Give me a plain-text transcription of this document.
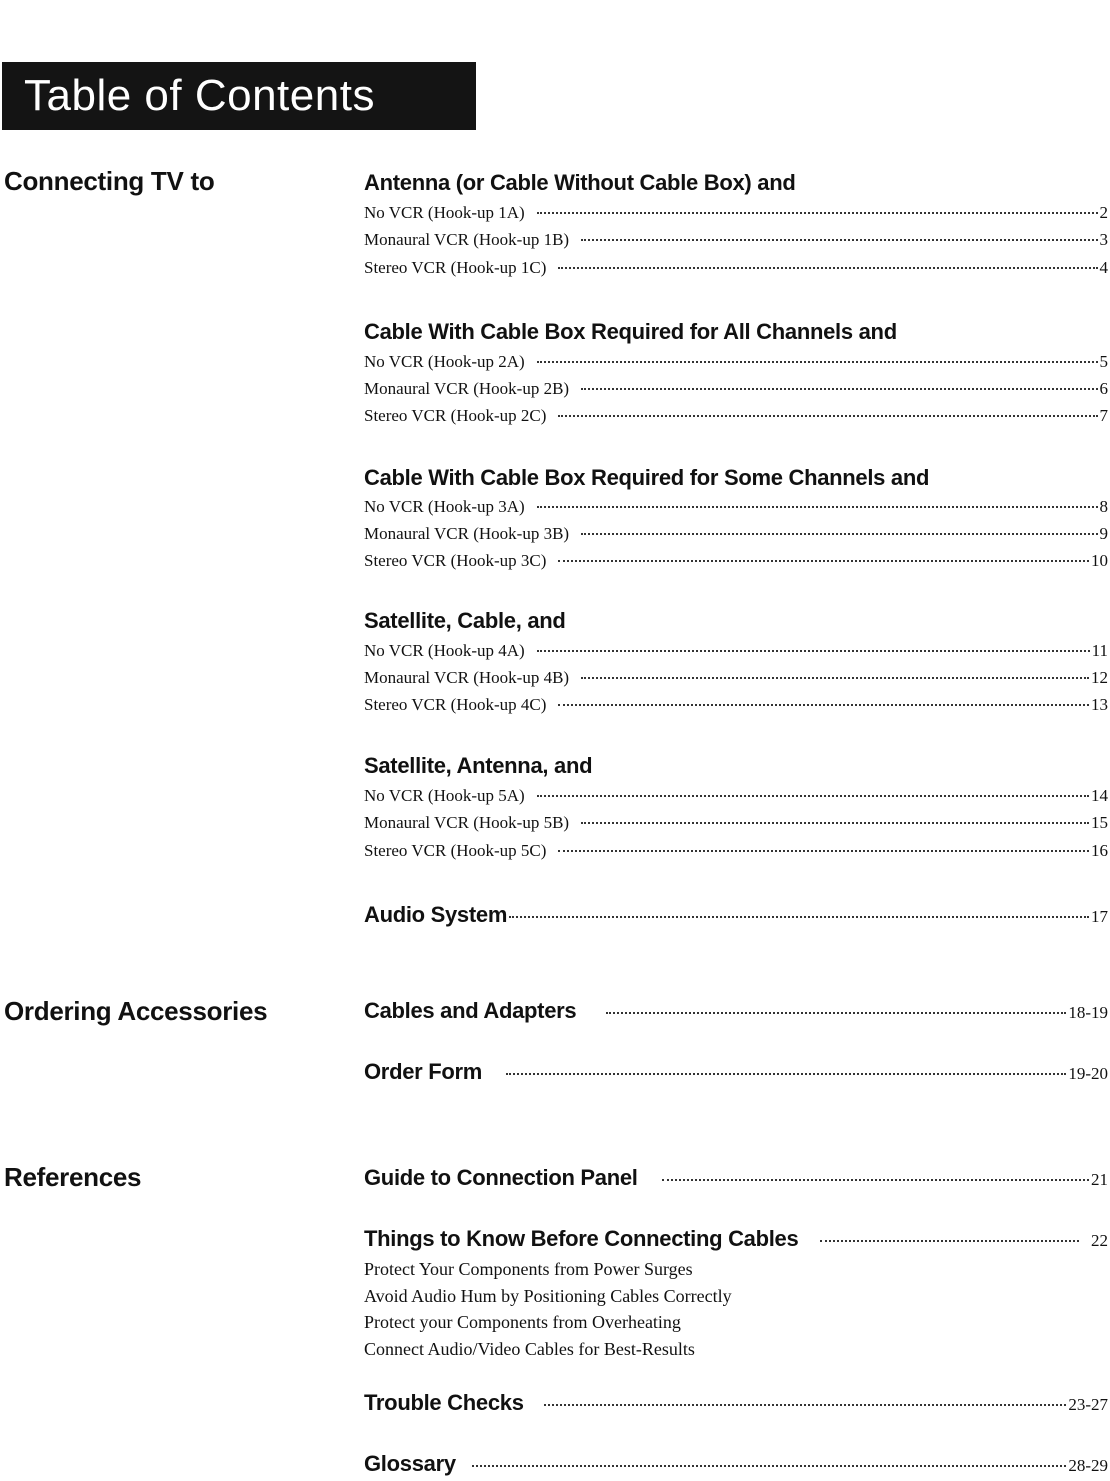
Table of Contents
Connecting TV to	Antenna (or Cable Without Cable Box) and
No VCR (Hook-up 1A)	2
Monaural VCR (Hook-up 1B)	3
Stereo VCR (Hook-up 1C)	4
Cable With Cable Box Required for All Channels and
No VCR (Hook-up 2A)	5
Monaural VCR (Hook-up 2B)	6
Stereo VCR (Hook-up 2C)	7
Cable With Cable Box Required for Some Channels and
No VCR (Hook-up 3A)	8
Monaural VCR (Hook-up 3B)	9
Stereo VCR (Hook-up 3C)	10
Satellite, Cable, and
No VCR (Hook-up 4A)	11
Monaural VCR (Hook-up 4B)	12
Stereo VCR (Hook-up 4C)	13
Satellite, Antenna, and
No VCR (Hook-up 5A)	14
Monaural VCR (Hook-up 5B)	15
Stereo VCR (Hook-up 5C)	16
Audio System	17
Ordering Accessories	Cables and Adapters	18-19
Order Form	19-20
References	Guide to Connection Panel	21
Things to Know Before Connecting Cables	22
Protect Your Components from Power Surges
Avoid Audio Hum by Positioning Cables Correctly
Protect your Components from Overheating
Connect Audio/Video Cables for Best-Results
Trouble Checks	23-27
Glossary	28-29
